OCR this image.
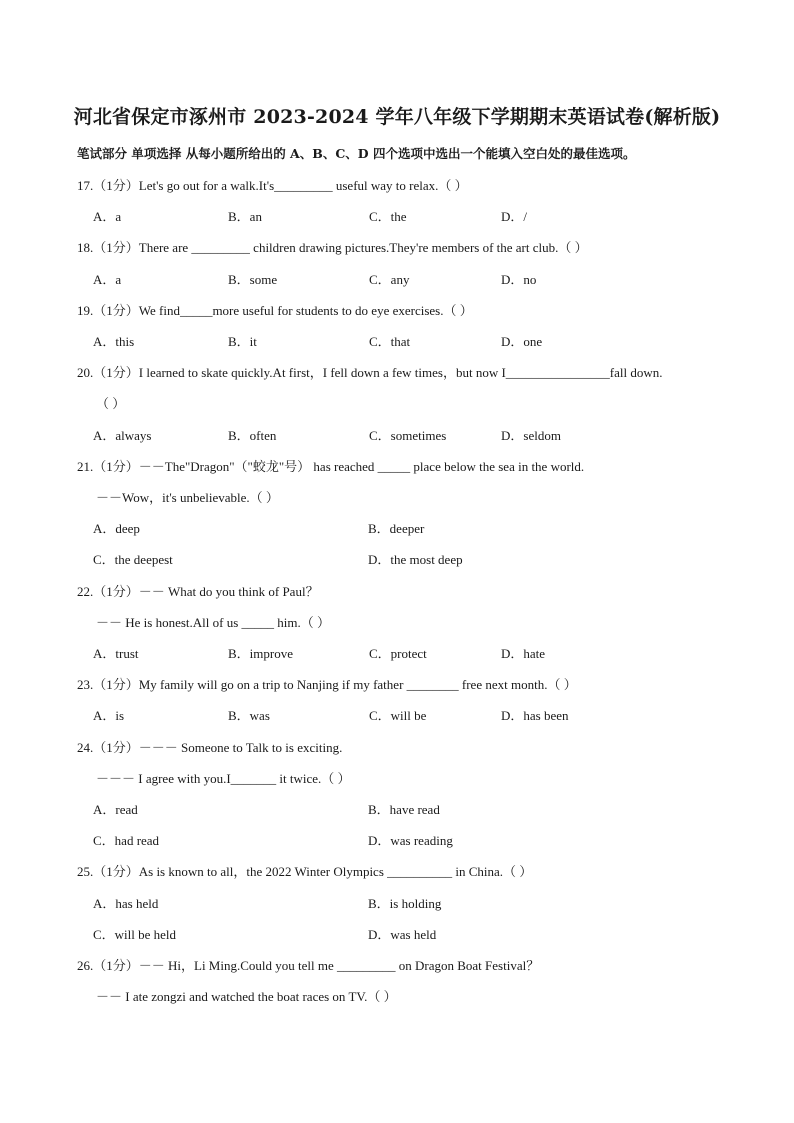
河北省保定市涿州市 2023-2024 学年八年级下学期期末英语试卷(解析版)
笔试部分 单项选择 从每小题所给出的 A、B、C、D 四个选项中选出一个能填入空白处的最佳选项。
17.（1分）Let's go out for a walk.It's_________ useful way to relax.（ ）
A．a	B．an	C．the	D．/
18.（1分）There are _________ children drawing pictures.They're members of the art club.（ ）
A．a	B．some	C．any	D．no
19.（1分）We find_____more useful for students to do eye exercises.（ ）
A．this	B．it	C．that	D．one
20.（1分）I learned to skate quickly.At first，I fell down a few times，but now I________________fall down.
（ ）
A．always	B．often	C．sometimes	D．seldom
21.（1分）－－The"Dragon"（"蛟龙"号） has reached _____ place below the sea in the world.
－－Wow，it's unbelievable.（ ）
A．deep	B．deeper
C．the deepest	D．the most deep
22.（1分）－－ What do you think of Paul？
－－ He is honest.All of us _____ him.（ ）
A．trust	B．improve	C．protect	D．hate
23.（1分）My family will go on a trip to Nanjing if my father ________ free next month.（ ）
A．is	B．was	C．will be	D．has been
24.（1分）－－－ Someone to Talk to is exciting.
－－－ I agree with you.I_______ it twice.（ ）
A．read	B．have read
C．had read	D．was reading
25.（1分）As is known to all，the 2022 Winter Olympics __________ in China.（ ）
A．has held	B．is holding
C．will be held	D．was held
26.（1分）－－ Hi，Li Ming.Could you tell me _________ on Dragon Boat Festival？
－－ I ate zongzi and watched the boat races on TV.（ ）
